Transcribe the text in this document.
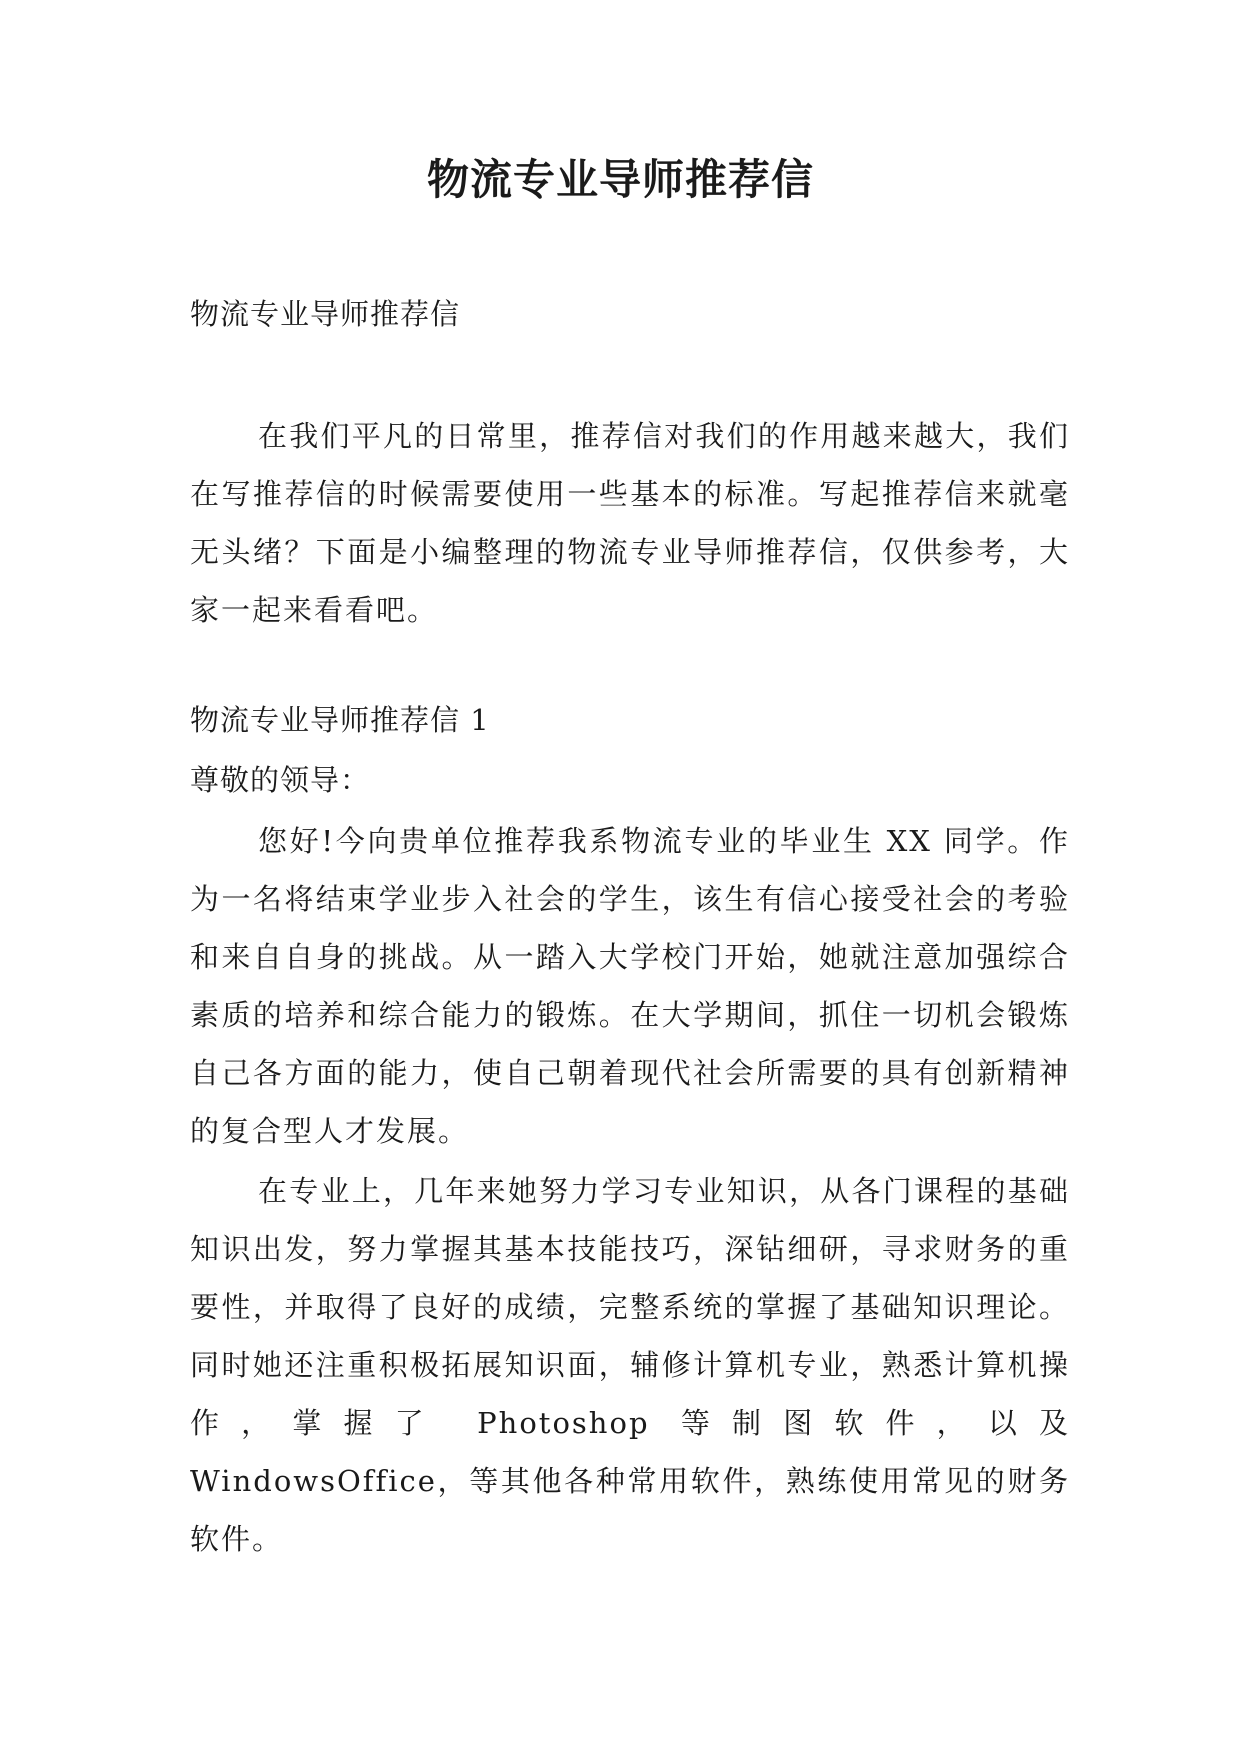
物流专业导师推荐信

物流专业导师推荐信

在我们平凡的日常里，推荐信对我们的作用越来越大，我们在写推荐信的时候需要使用一些基本的标准。写起推荐信来就毫无头绪？下面是小编整理的物流专业导师推荐信，仅供参考，大家一起来看看吧。

物流专业导师推荐信 1

尊敬的领导：

您好!今向贵单位推荐我系物流专业的毕业生 XX 同学。作为一名将结束学业步入社会的学生，该生有信心接受社会的考验和来自自身的挑战。从一踏入大学校门开始，她就注意加强综合素质的培养和综合能力的锻炼。在大学期间，抓住一切机会锻炼自己各方面的能力，使自己朝着现代社会所需要的具有创新精神的复合型人才发展。

在专业上，几年来她努力学习专业知识，从各门课程的基础知识出发，努力掌握其基本技能技巧，深钻细研，寻求财务的重要性，并取得了良好的成绩，完整系统的掌握了基础知识理论。同时她还注重积极拓展知识面，辅修计算机专业，熟悉计算机操作，掌握了 Photoshop 等制图软件，以及 WindowsOffice，等其他各种常用软件，熟练使用常见的财务软件。
